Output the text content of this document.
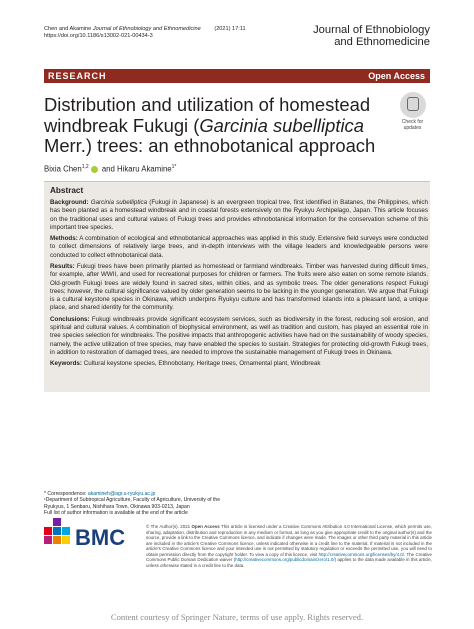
Chen and Akamine Journal of Ethnobiology and Ethnomedicine (2021) 17:11
https://doi.org/10.1186/s13002-021-00434-3	Journal of Ethnobiology
and Ethnomedicine
RESEARCH	Open Access
Distribution and utilization of homestead windbreak Fukugi (Garcinia subelliptica Merr.) trees: an ethnobotanical approach
Check for
updates
Bixia Chen$^{1,2}$ and Hikaru Akamine$^{1*}$
Abstract

Background: Garcinia subelliptica (Fukugi in Japanese) is an evergreen tropical tree, first identified in Batanes, the Philippines, which has been planted as a homestead windbreak and in coastal forests extensively on the Ryukyu Archipelago, Japan. This article focuses on the traditional uses and cultural values of Fukugi trees and provides ethnobotanical information for the conservation scheme of this important tree species.

Methods: A combination of ecological and ethnobotanical approaches was applied in this study. Extensive field surveys were conducted to collect dimensions of relatively large trees, and in-depth interviews with the village leaders and knowledgeable persons were conducted to collect ethnobotanical data.

Results: Fukugi trees have been primarily planted as homestead or farmland windbreaks. Timber was harvested during difficult times, for example, after WWII, and used for recreational purposes for children or farmers. The fruits were also eaten on some remote islands. Old-growth Fukugi trees are widely found in sacred sites, within cities, and as symbolic trees. The older generations respect Fukugi trees; however, the cultural significance valued by older generation seems to be lacking in the younger generation. We argue that Fukugi is a cultural keystone species in Okinawa, which underpins Ryukyu culture and has transformed islands into a pleasant land, a unique place, and shared identity for the community.

Conclusions: Fukugi windbreaks provide significant ecosystem services, such as biodiversity in the forest, reducing soil erosion, and spiritual and cultural values. A combination of biophysical environment, as well as tradition and custom, has played an essential role in tree species selection for windbreaks. The positive impacts that anthropogenic activities have had on the sustainability of woody species, namely, the active utilization of tree species, may have enabled the species to sustain. Strategies for protecting old-growth Fukugi trees, in addition to restoration of damaged trees, are needed to improve the sustainable management of Fukugi trees in Okinawa.

Keywords: Cultural keystone species, Ethnobotany, Heritage trees, Ornamental plant, Windbreak

* Correspondence: akamineh@agr.u-ryukyu.ac.jp
¹Department of Subtropical Agriculture, Faculty of Agriculture, University of the Ryukyus, 1 Senbaru, Nishihara Town, Okinawa 903-0213, Japan
Full list of author information is available at the end of the article
BMC	© The Author(s). 2021 Open Access This article is licensed under a Creative Commons Attribution 4.0 International License, which permits use, sharing, adaptation, distribution and reproduction in any medium or format, as long as you give appropriate credit to the original author(s) and the source, provide a link to the Creative Commons licence, and indicate if changes were made. The images or other third party material in this article are included in the article's Creative Commons licence, unless indicated otherwise in a credit line to the material. If material is not included in the article's Creative Commons licence and your intended use is not permitted by statutory regulation or exceeds the permitted use, you will need to obtain permission directly from the copyright holder. To view a copy of this licence, visit http://creativecommons.org/licenses/by/4.0/. The Creative Commons Public Domain Dedication waiver (http://creativecommons.org/publicdomain/zero/1.0/) applies to the data made available in this article, unless otherwise stated in a credit line to the data.
Content courtesy of Springer Nature, terms of use apply. Rights reserved.
